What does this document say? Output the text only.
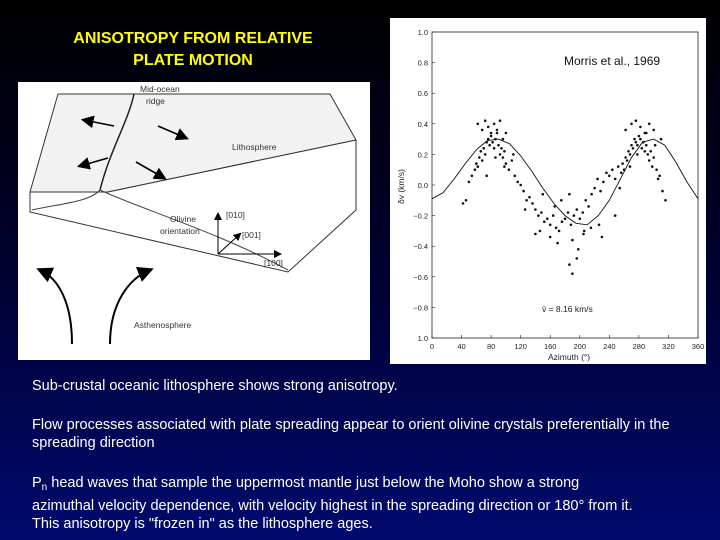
ANISOTROPY FROM RELATIVE
PLATE MOTION
Mid-ocean
ridge
Lithosphere
Olivine
orientation
[010]
[001]
[100]
Asthenosphere
1.0
0.8
0.6
0.4
0.2
0.0
−0.2
−0.4
−0.6
−0.8
1.0
0	40	80	120 160 200 240 280 320 360
Morris et al., 1969
v̄ = 8.16 km/s
Azimuth (°)
δv (km/s)
Sub-crustal oceanic lithosphere shows strong anisotropy.
Flow processes associated with plate spreading appear to orient olivine crystals preferentially in the spreading direction
$P_n$ head waves that sample the uppermost mantle just below the Moho show a strong
azimuthal velocity dependence, with velocity highest in the spreading direction or 180° from it.
This anisotropy is "frozen in" as the lithosphere ages.
